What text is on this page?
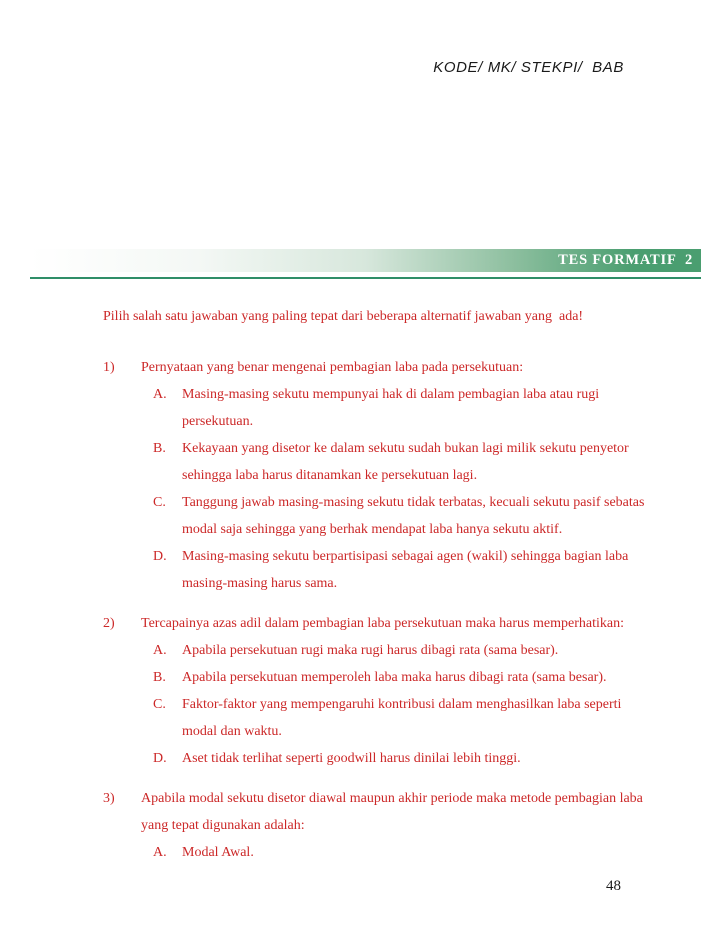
KODE/ MK/ STEKPI/  BAB
TES FORMATIF  2

Pilih salah satu jawaban yang paling tepat dari beberapa alternatif jawaban yang  ada!

1)	Pernyataan yang benar mengenai pembagian laba pada persekutuan:
A.	Masing-masing sekutu mempunyai hak di dalam pembagian laba atau rugi persekutuan.
B.	Kekayaan yang disetor ke dalam sekutu sudah bukan lagi milik sekutu penyetor sehingga laba harus ditanamkan ke persekutuan lagi.
C.	Tanggung jawab masing-masing sekutu tidak terbatas, kecuali sekutu pasif sebatas modal saja sehingga yang berhak mendapat laba hanya sekutu aktif.
D.	Masing-masing sekutu berpartisipasi sebagai agen (wakil) sehingga bagian laba masing-masing harus sama.
2)	Tercapainya azas adil dalam pembagian laba persekutuan maka harus memperhatikan:
A.	Apabila persekutuan rugi maka rugi harus dibagi rata (sama besar).
B.	Apabila persekutuan memperoleh laba maka harus dibagi rata (sama besar).
C.	Faktor-faktor yang mempengaruhi kontribusi dalam menghasilkan laba seperti modal dan waktu.
D.	Aset tidak terlihat seperti goodwill harus dinilai lebih tinggi.
3)	Apabila modal sekutu disetor diawal maupun akhir periode maka metode pembagian laba yang tepat digunakan adalah:
A.	Modal Awal.
48
